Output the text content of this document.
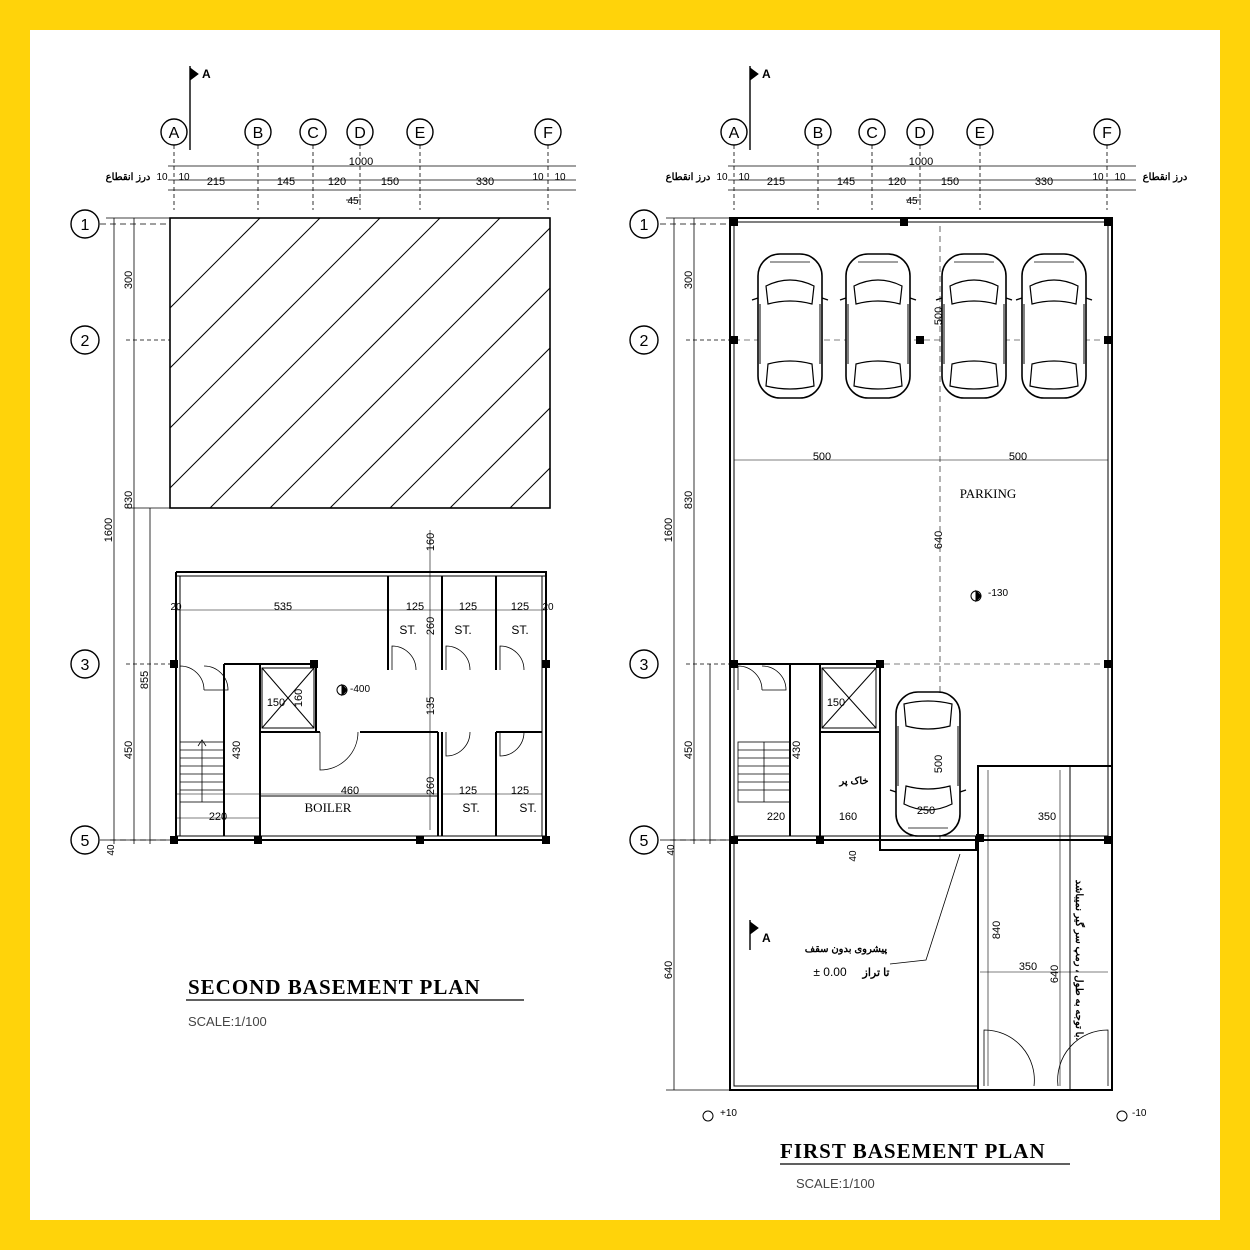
A	B	C D	E	F
1
2
3
5
A
A	B	C D	E	F
1
2
3
5
A
A
1000
215	145	120	150	330
10 10	10 10
45
درز انقطاع
1000
215	145	120	150	330
10 10	10 10
45
درز انقطاع	درز انقطاع
1600
300
830
855
450
40
1600
300
830
450
640
40
535
20	20
125	125	125
260
160
135
260
150 160
430
460
220
125	125
ST.	ST.	ST.
ST.	ST.
BOILER
-400
500	500
500
640
PARKING
-130
150
430
500
220	160	250	350
350
840
640
40
خاک پر
با توجه به طول ، رمپ سر گیر نمیباشد.
پیشروی بدون سقف
± 0.00 تا تراز
+10	-10
SECOND BASEMENT PLAN
SCALE:1/100
FIRST BASEMENT PLAN
SCALE:1/100
